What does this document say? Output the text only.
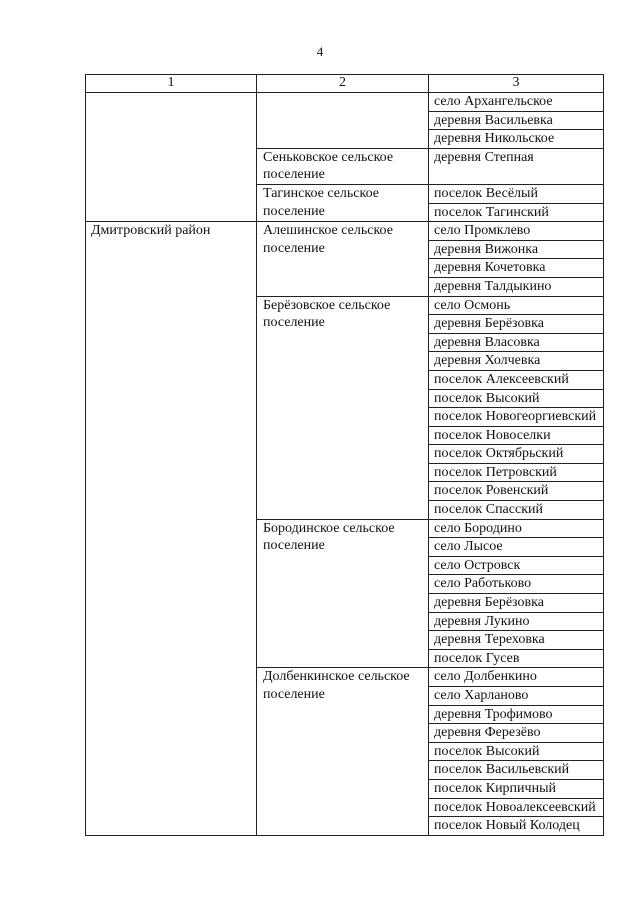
4
1	2	3
		село Архангельское
		деревня Васильевка
		деревня Никольское
	Сеньковское сельское поселение	деревня Степная
	Тагинское сельское поселение	поселок Весёлый
		поселок Тагинский
Дмитровский район	Алешинское сельское поселение	село Промклево
		деревня Вижонка
		деревня Кочетовка
		деревня Талдыкино
	Берёзовское сельское поселение	село Осмонь
		деревня Берёзовка
		деревня Власовка
		деревня Холчевка
		поселок Алексеевский
		поселок Высокий
		поселок Новогеоргиевский
		поселок Новоселки
		поселок Октябрьский
		поселок Петровский
		поселок Ровенский
		поселок Спасский
	Бородинское сельское поселение	село Бородино
		село Лысое
		село Островск
		село Работьково
		деревня Берёзовка
		деревня Лукино
		деревня Тереховка
		поселок Гусев
	Долбенкинское сельское поселение	село Долбенкино
		село Харланово
		деревня Трофимово
		деревня Ферезёво
		поселок Высокий
		поселок Васильевский
		поселок Кирпичный
		поселок Новоалексеевский
		поселок Новый Колодец
